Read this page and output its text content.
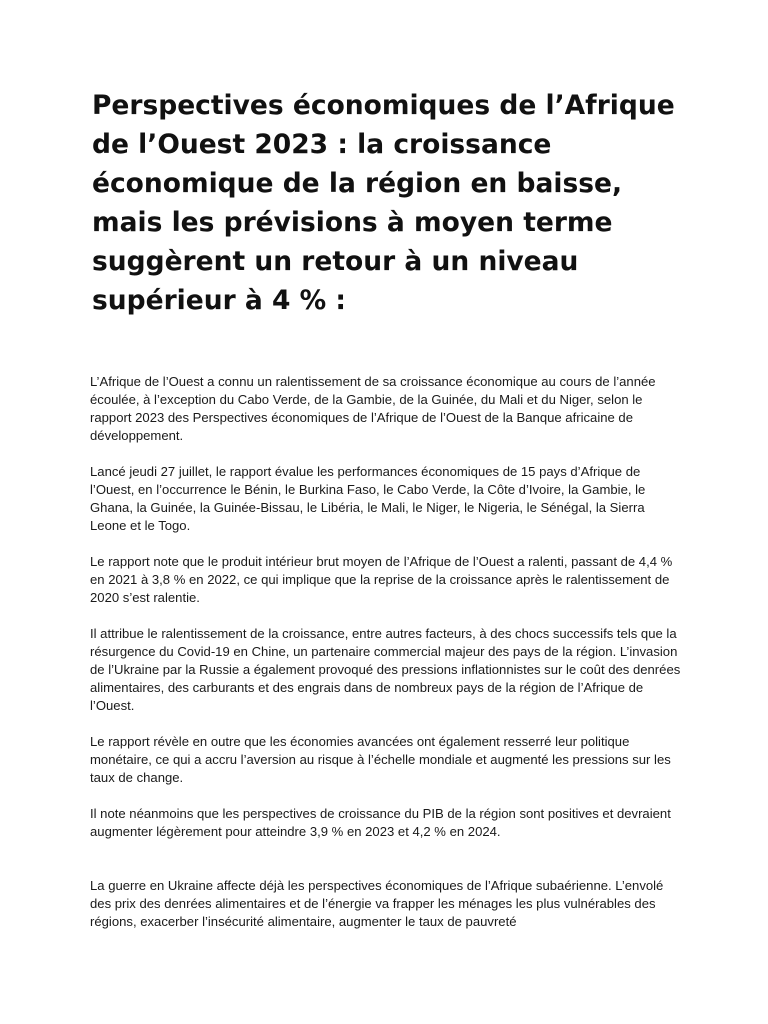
Perspectives économiques de l’Afrique de l’Ouest 2023 : la croissance économique de la région en baisse, mais les prévisions à moyen terme suggèrent un retour à un niveau supérieur à 4 % :

L’Afrique de l’Ouest a connu un ralentissement de sa croissance économique au cours de l’année écoulée, à l’exception du Cabo Verde, de la Gambie, de la Guinée, du Mali et du Niger, selon le rapport 2023 des Perspectives économiques de l’Afrique de l’Ouest de la Banque africaine de développement.

Lancé jeudi 27 juillet, le rapport évalue les performances économiques de 15 pays d’Afrique de l’Ouest, en l’occurrence le Bénin, le Burkina Faso, le Cabo Verde, la Côte d’Ivoire, la Gambie, le Ghana, la Guinée, la Guinée-Bissau, le Libéria, le Mali, le Niger, le Nigeria, le Sénégal, la Sierra Leone et le Togo.

Le rapport note que le produit intérieur brut moyen de l’Afrique de l’Ouest a ralenti, passant de 4,4 % en 2021 à 3,8 % en 2022, ce qui implique que la reprise de la croissance après le ralentissement de 2020 s’est ralentie.

Il attribue le ralentissement de la croissance, entre autres facteurs, à des chocs successifs tels que la résurgence du Covid-19 en Chine, un partenaire commercial majeur des pays de la région. L’invasion de l’Ukraine par la Russie a également provoqué des pressions inflationnistes sur le coût des denrées alimentaires, des carburants et des engrais dans de nombreux pays de la région de l’Afrique de l’Ouest.

Le rapport révèle en outre que les économies avancées ont également resserré leur politique monétaire, ce qui a accru l’aversion au risque à l’échelle mondiale et augmenté les pressions sur les taux de change.

Il note néanmoins que les perspectives de croissance du PIB de la région sont positives et devraient augmenter légèrement pour atteindre 3,9 % en 2023 et 4,2 % en 2024.

La guerre en Ukraine affecte déjà les perspectives économiques de l’Afrique subaérienne. L’envolé des prix des denrées alimentaires et de l’énergie va frapper les ménages les plus vulnérables des régions, exacerber l’insécurité alimentaire, augmenter le taux de pauvreté
